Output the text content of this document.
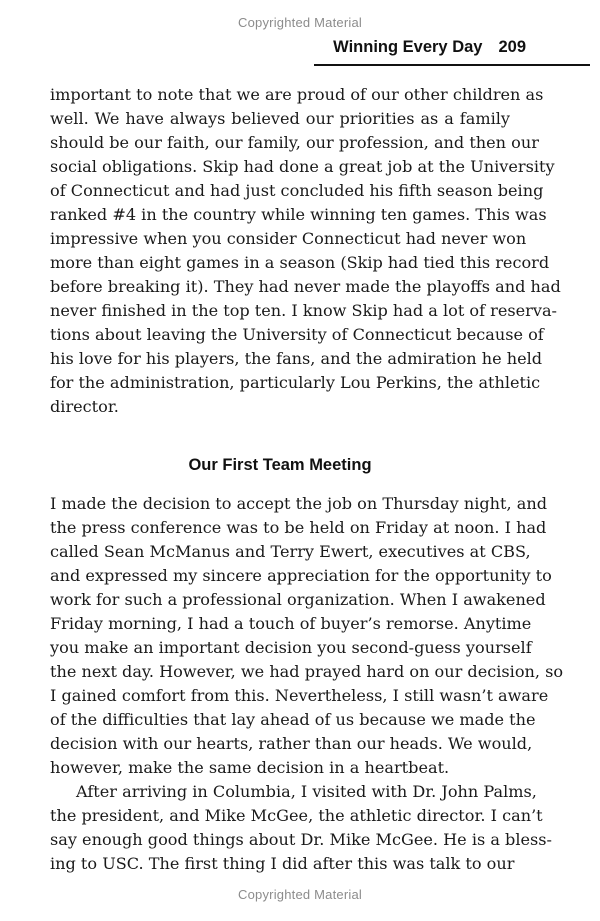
Copyrighted Material
Winning Every Day 209
important to note that we are proud of our other children as
well. We have always believed our priorities as a family
should be our faith, our family, our profession, and then our
social obligations. Skip had done a great job at the University
of Connecticut and had just concluded his fifth season being
ranked #4 in the country while winning ten games. This was
impressive when you consider Connecticut had never won
more than eight games in a season (Skip had tied this record
before breaking it). They had never made the playoffs and had
never finished in the top ten. I know Skip had a lot of reserva-
tions about leaving the University of Connecticut because of
his love for his players, the fans, and the admiration he held
for the administration, particularly Lou Perkins, the athletic
director.
Our First Team Meeting
I made the decision to accept the job on Thursday night, and
the press conference was to be held on Friday at noon. I had
called Sean McManus and Terry Ewert, executives at CBS,
and expressed my sincere appreciation for the opportunity to
work for such a professional organization. When I awakened
Friday morning, I had a touch of buyer’s remorse. Anytime
you make an important decision you second-guess yourself
the next day. However, we had prayed hard on our decision, so
I gained comfort from this. Nevertheless, I still wasn’t aware
of the difficulties that lay ahead of us because we made the
decision with our hearts, rather than our heads. We would,
however, make the same decision in a heartbeat.
After arriving in Columbia, I visited with Dr. John Palms,
the president, and Mike McGee, the athletic director. I can’t
say enough good things about Dr. Mike McGee. He is a bless-
ing to USC. The first thing I did after this was talk to our
Copyrighted Material
